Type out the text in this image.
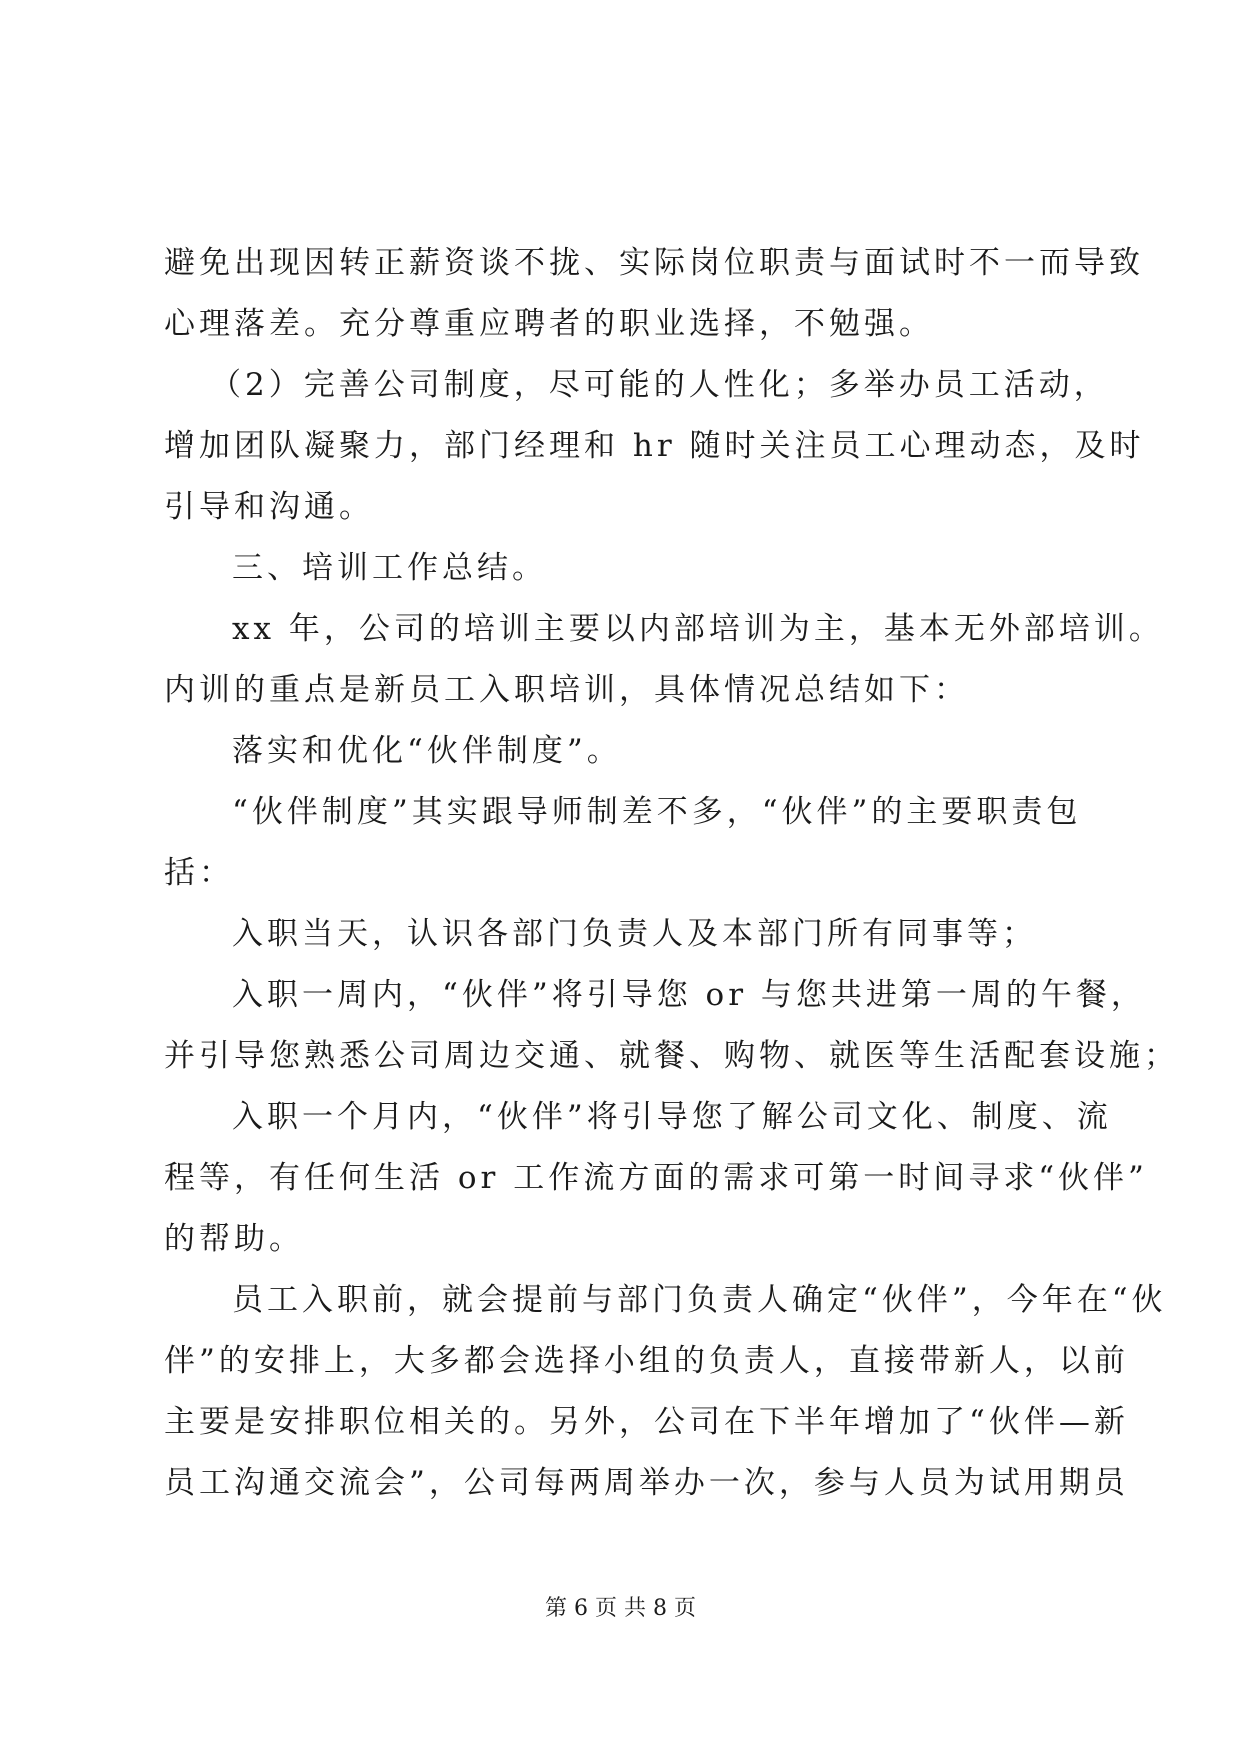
避免出现因转正薪资谈不拢、实际岗位职责与面试时不一而导致
心理落差。充分尊重应聘者的职业选择，不勉强。
（2）完善公司制度，尽可能的人性化；多举办员工活动，
增加团队凝聚力，部门经理和 hr 随时关注员工心理动态，及时
引导和沟通。
三、培训工作总结。
xx 年，公司的培训主要以内部培训为主，基本无外部培训。
内训的重点是新员工入职培训，具体情况总结如下：
落实和优化“伙伴制度”。
“伙伴制度”其实跟导师制差不多，“伙伴”的主要职责包
括：
入职当天，认识各部门负责人及本部门所有同事等；
入职一周内，“伙伴”将引导您 or 与您共进第一周的午餐，
并引导您熟悉公司周边交通、就餐、购物、就医等生活配套设施；
入职一个月内，“伙伴”将引导您了解公司文化、制度、流
程等，有任何生活 or 工作流方面的需求可第一时间寻求“伙伴”
的帮助。
员工入职前，就会提前与部门负责人确定“伙伴”，今年在“伙
伴”的安排上，大多都会选择小组的负责人，直接带新人，以前
主要是安排职位相关的。另外，公司在下半年增加了“伙伴—新
员工沟通交流会”，公司每两周举办一次，参与人员为试用期员
第 6 页 共 8 页
